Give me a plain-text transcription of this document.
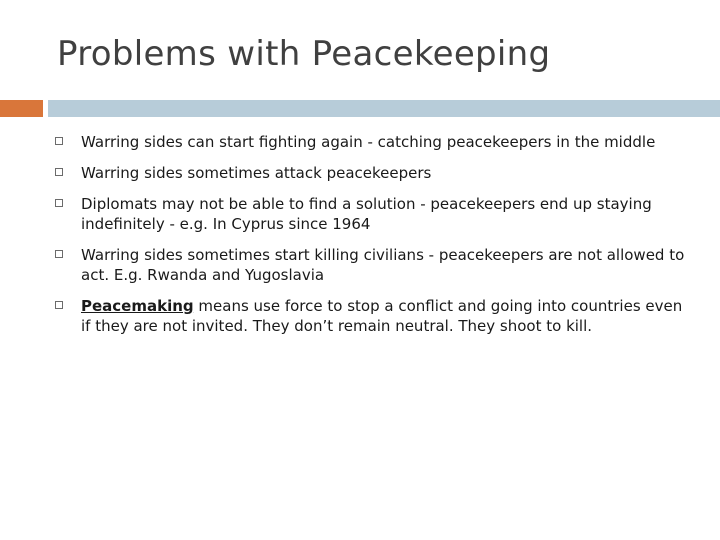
Problems with Peacekeeping
Warring sides can start fighting again - catching peacekeepers in the middle
Warring sides sometimes attack peacekeepers
Diplomats may not be able to find a solution - peacekeepers end up staying indefinitely - e.g. In Cyprus since 1964
Warring sides sometimes start killing civilians - peacekeepers are not allowed to act. E.g. Rwanda and Yugoslavia
Peacemaking means use force to stop a conflict and going into countries even if they are not invited. They don’t remain neutral. They shoot to kill.
